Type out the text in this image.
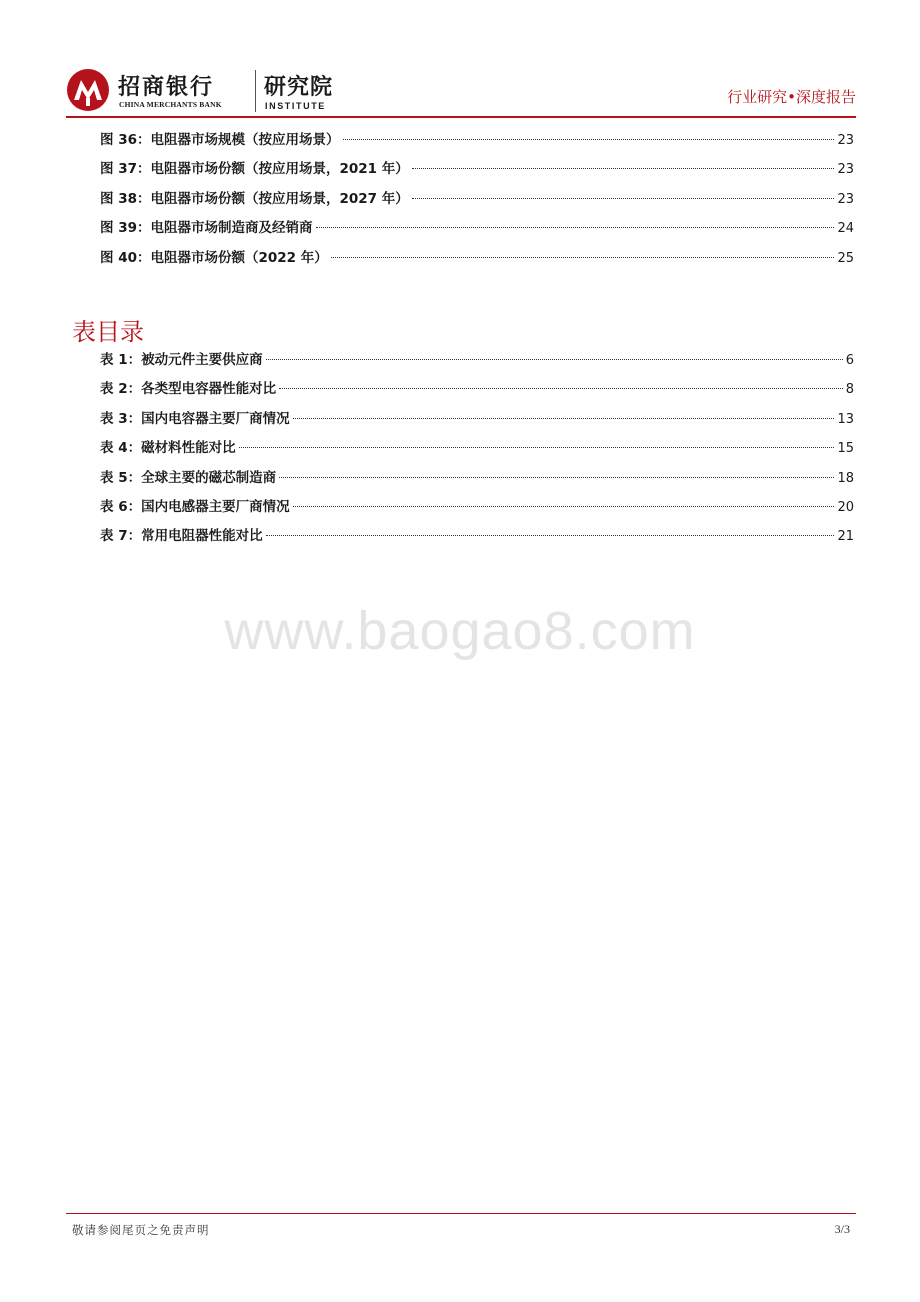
招商银行
CHINA MERCHANTS BANK
研究院
INSTITUTE	行业研究•深度报告
图 36：电阻器市场规模（按应用场景）	23
图 37：电阻器市场份额（按应用场景，2021 年）	23
图 38：电阻器市场份额（按应用场景，2027 年）	23
图 39：电阻器市场制造商及经销商	24
图 40：电阻器市场份额（2022 年）	25
表目录
表 1：被动元件主要供应商	6
表 2：各类型电容器性能对比	8
表 3：国内电容器主要厂商情况	13
表 4：磁材料性能对比	15
表 5：全球主要的磁芯制造商	18
表 6：国内电感器主要厂商情况	20
表 7：常用电阻器性能对比	21
www.baogao8.com
敬请参阅尾页之免责声明	3/3
